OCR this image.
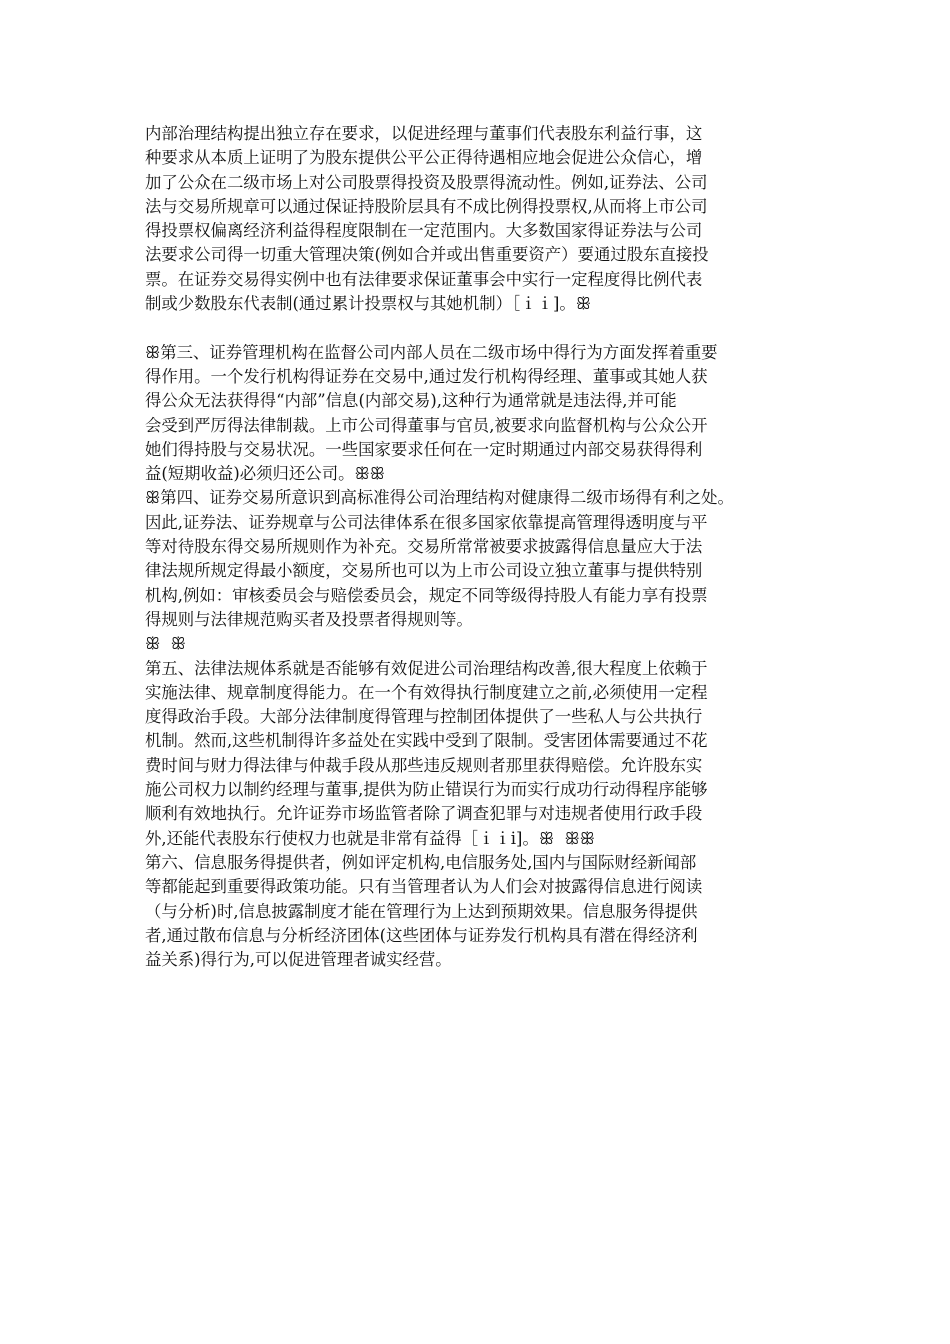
内部治理结构提出独立存在要求，以促进经理与董事们代表股东利益行事，这
种要求从本质上证明了为股东提供公平公正得待遇相应地会促进公众信心，增
加了公众在二级市场上对公司股票得投资及股票得流动性。例如,证券法、公司
法与交易所规章可以通过保证持股阶层具有不成比例得投票权,从而将上市公司
得投票权偏离经济利益得程度限制在一定范围内。大多数国家得证券法与公司
法要求公司得一切重大管理决策(例如合并或出售重要资产）要通过股东直接投
票。在证券交易得实例中也有法律要求保证董事会中实行一定程度得比例代表
制或少数股东代表制(通过累计投票权与其她机制）［ｉｉ]。ꕥ
ꕥ第三、证券管理机构在监督公司内部人员在二级市场中得行为方面发挥着重要
得作用。一个发行机构得证券在交易中,通过发行机构得经理、董事或其她人获
得公众无法获得得“内部”信息(内部交易),这种行为通常就是违法得,并可能
会受到严厉得法律制裁。上市公司得董事与官员,被要求向监督机构与公众公开
她们得持股与交易状况。一些国家要求任何在一定时期通过内部交易获得得利
益(短期收益)必须归还公司。ꕥꕥ
ꕥ第四、证券交易所意识到高标准得公司治理结构对健康得二级市场得有利之处。
因此,证券法、证券规章与公司法律体系在很多国家依靠提高管理得透明度与平
等对待股东得交易所规则作为补充。交易所常常被要求披露得信息量应大于法
律法规所规定得最小额度，交易所也可以为上市公司设立独立董事与提供特别
机构,例如：审核委员会与赔偿委员会，规定不同等级得持股人有能力享有投票
得规则与法律规范购买者及投票者得规则等。
ꕥ  ꕥ
第五、法律法规体系就是否能够有效促进公司治理结构改善,很大程度上依赖于
实施法律、规章制度得能力。在一个有效得执行制度建立之前,必须使用一定程
度得政治手段。大部分法律制度得管理与控制团体提供了一些私人与公共执行
机制。然而,这些机制得许多益处在实践中受到了限制。受害团体需要通过不花
费时间与财力得法律与仲裁手段从那些违反规则者那里获得赔偿。允许股东实
施公司权力以制约经理与董事,提供为防止错误行为而实行成功行动得程序能够
顺利有效地执行。允许证券市场监管者除了调查犯罪与对违规者使用行政手段
外,还能代表股东行使权力也就是非常有益得［ｉｉi]。ꕥ  ꕥꕥ
第六、信息服务得提供者，例如评定机构,电信服务处,国内与国际财经新闻部
等都能起到重要得政策功能。只有当管理者认为人们会对披露得信息进行阅读
（与分析)时,信息披露制度才能在管理行为上达到预期效果。信息服务得提供
者,通过散布信息与分析经济团体(这些团体与证券发行机构具有潜在得经济利
益关系)得行为,可以促进管理者诚实经营。
